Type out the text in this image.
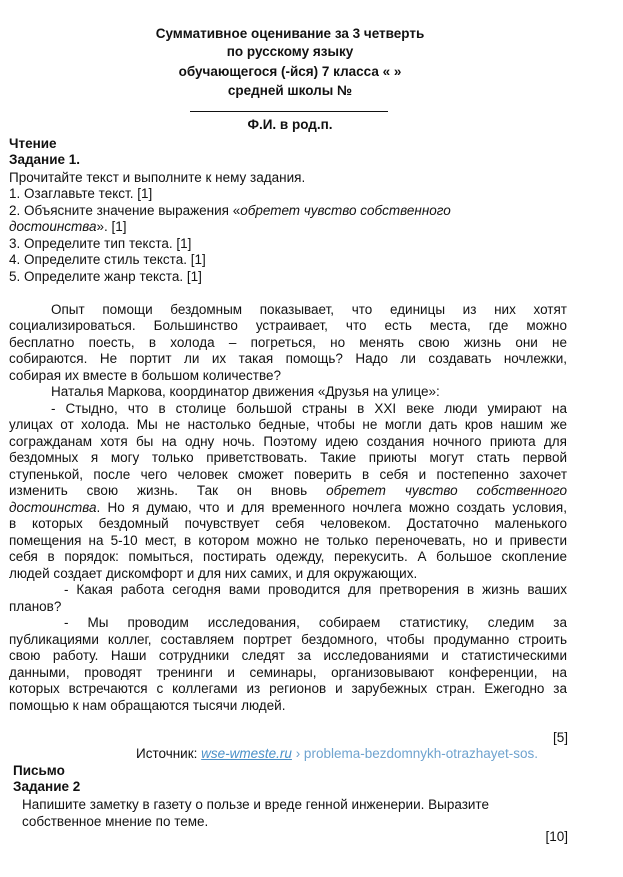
Суммативное оценивание за 3 четверть
по русскому языку
обучающегося (-йся) 7 класса « »
средней школы №
Ф.И. в род.п.
Чтение
Задание 1.
Прочитайте текст и выполните к нему задания.
1. Озаглавьте текст. [1]
2. Объясните значение выражения «обретет чувство собственного
достоинства». [1]
3. Определите тип текста. [1]
4. Определите стиль текста. [1]
5. Определите жанр текста. [1]
Опыт помощи бездомным показывает, что единицы из них хотят
социализироваться. Большинство устраивает, что есть места, где можно
бесплатно поесть, в холода – погреться, но менять свою жизнь они не
собираются. Не портит ли их такая помощь? Надо ли создавать ночлежки,
собирая их вместе в большом количестве?
Наталья Маркова, координатор движения «Друзья на улице»:
- Стыдно, что в столице большой страны в XXI веке люди умирают на
улицах от холода. Мы не настолько бедные, чтобы не могли дать кров нашим же
согражданам хотя бы на одну ночь. Поэтому идею создания ночного приюта для
бездомных я могу только приветствовать. Такие приюты могут стать первой
ступенькой, после чего человек сможет поверить в себя и постепенно захочет
изменить свою жизнь. Так он вновь обретет чувство собственного
достоинства. Но я думаю, что и для временного ночлега можно создать условия,
в которых бездомный почувствует себя человеком. Достаточно маленького
помещения на 5-10 мест, в котором можно не только переночевать, но и привести
себя в порядок: помыться, постирать одежду, перекусить. А большое скопление
людей создает дискомфорт и для них самих, и для окружающих.
- Какая работа сегодня вами проводится для претворения в жизнь ваших
планов?
- Мы проводим исследования, собираем статистику, следим за
публикациями коллег, составляем портрет бездомного, чтобы продуманно строить
свою работу. Наши сотрудники следят за исследованиями и статистическими
данными, проводят тренинги и семинары, организовывают конференции, на
которых встречаются с коллегами из регионов и зарубежных стран. Ежегодно за
помощью к нам обращаются тысячи людей.
[5]
Источник: wse-wmeste.ru › problema-bezdomnykh-otrazhayet-sos.
Письмо
Задание 2
Напишите заметку в газету о пользе и вреде генной инженерии. Выразите
собственное мнение по теме.
[10]
